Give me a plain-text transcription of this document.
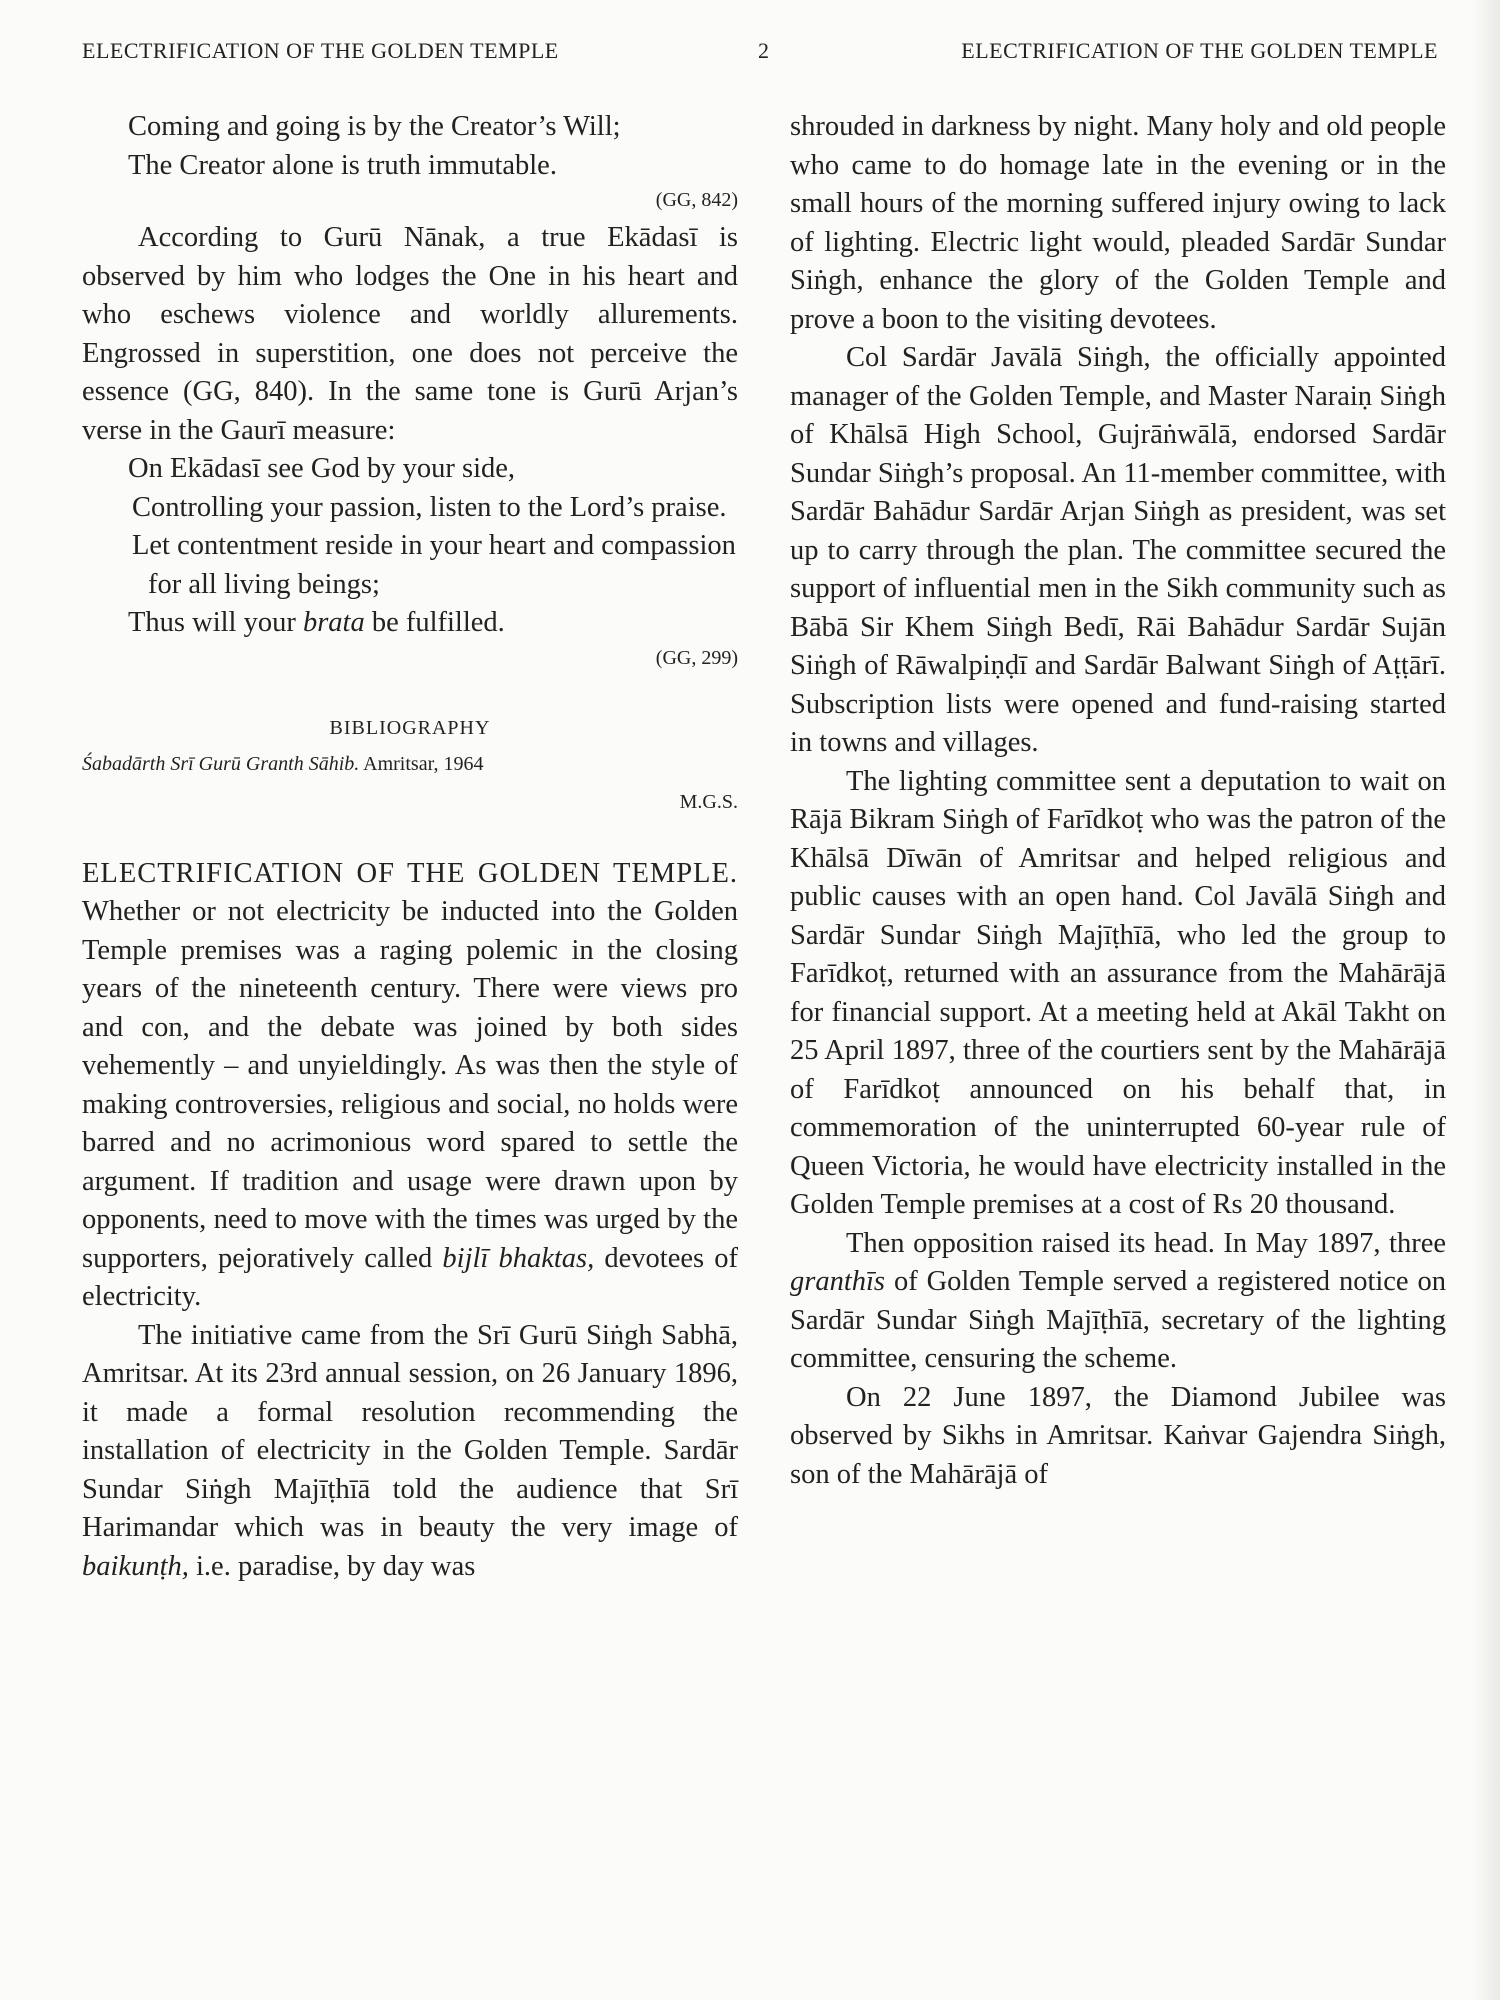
ELECTRIFICATION OF THE GOLDEN TEMPLE	2	ELECTRIFICATION OF THE GOLDEN TEMPLE

Coming and going is by the Creator’s Will;

The Creator alone is truth immutable.

(GG, 842)

According to Gurū Nānak, a true Ekādasī is observed by him who lodges the One in his heart and who eschews violence and worldly allurements. Engrossed in superstition, one does not perceive the essence (GG, 840). In the same tone is Gurū Arjan’s verse in the Gaurī measure:

On Ekādasī see God by your side,

Controlling your passion, listen to the Lord’s praise.

Let contentment reside in your heart and compassion for all living beings;

Thus will your brata be fulfilled.

(GG, 299)

BIBLIOGRAPHY

Śabadārth Srī Gurū Granth Sāhib. Amritsar, 1964

M.G.S.

ELECTRIFICATION OF THE GOLDEN TEMPLE. Whether or not electricity be inducted into the Golden Temple premises was a raging polemic in the closing years of the nineteenth century. There were views pro and con, and the debate was joined by both sides vehemently – and unyieldingly. As was then the style of making controversies, religious and social, no holds were barred and no acrimonious word spared to settle the argument. If tradition and usage were drawn upon by opponents, need to move with the times was urged by the supporters, pejoratively called bijlī bhaktas, devotees of electricity.

The initiative came from the Srī Gurū Siṅgh Sabhā, Amritsar. At its 23rd annual session, on 26 January 1896, it made a formal resolution recommending the installation of electricity in the Golden Temple. Sardār Sundar Siṅgh Majīṭhīā told the audience that Srī Harimandar which was in beauty the very image of baikunṭh, i.e. paradise, by day was

shrouded in darkness by night. Many holy and old people who came to do homage late in the evening or in the small hours of the morning suffered injury owing to lack of lighting. Electric light would, pleaded Sardār Sundar Siṅgh, enhance the glory of the Golden Temple and prove a boon to the visiting devotees.

Col Sardār Javālā Siṅgh, the officially appointed manager of the Golden Temple, and Master Naraiṇ Siṅgh of Khālsā High School, Gujrāṅwālā, endorsed Sardār Sundar Siṅgh’s proposal. An 11-member committee, with Sardār Bahādur Sardār Arjan Siṅgh as president, was set up to carry through the plan. The committee secured the support of influential men in the Sikh community such as Bābā Sir Khem Siṅgh Bedī, Rāi Bahādur Sardār Sujān Siṅgh of Rāwalpiṇḍī and Sardār Balwant Siṅgh of Aṭṭārī. Subscription lists were opened and fund-raising started in towns and villages.

The lighting committee sent a deputation to wait on Rājā Bikram Siṅgh of Farīdkoṭ who was the patron of the Khālsā Dīwān of Amritsar and helped religious and public causes with an open hand. Col Javālā Siṅgh and Sardār Sundar Siṅgh Majīṭhīā, who led the group to Farīdkoṭ, returned with an assurance from the Mahārājā for financial support. At a meeting held at Akāl Takht on 25 April 1897, three of the courtiers sent by the Mahārājā of Farīdkoṭ announced on his behalf that, in commemoration of the uninterrupted 60-year rule of Queen Victoria, he would have electricity installed in the Golden Temple premises at a cost of Rs 20 thousand.

Then opposition raised its head. In May 1897, three granthīs of Golden Temple served a registered notice on Sardār Sundar Siṅgh Majīṭhīā, secretary of the lighting committee, censuring the scheme.

On 22 June 1897, the Diamond Jubilee was observed by Sikhs in Amritsar. Kaṅvar Gajendra Siṅgh, son of the Mahārājā of
